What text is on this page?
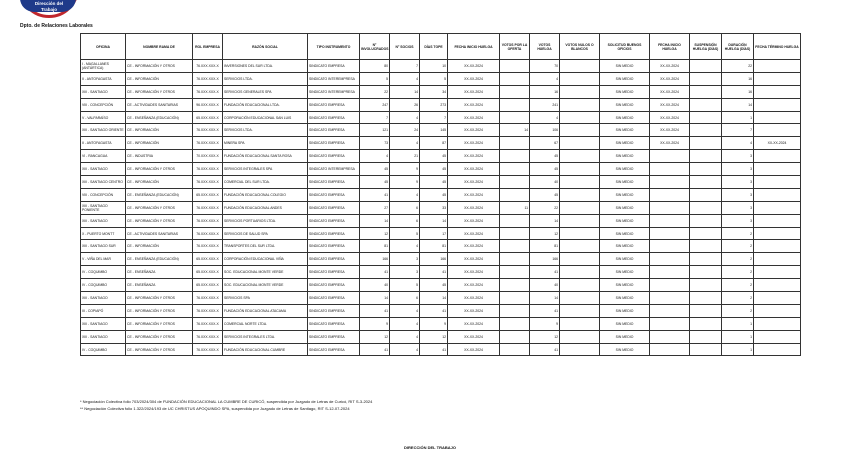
Dirección del
Trabajo
Dpto. de Relaciones Laborales
OFICINA	NOMBRE RAMA DE	ROL EMPRESA	RAZÓN SOCIAL	TIPO INSTRUMENTO	N° INVOLUCRADOS	N° SOCIOS	DÍAS TOPE	FECHA INICIO HUELGA	VOTOS POR LA OFERTA	VOTOS HUELGA	VOTOS NULOS O BLANCOS	SOLICITUD BUENOS OFICIOS	FECHA INICIO HUELGA	SUSPENSIÓN HUELGA (DÍAS)	DURACIÓN HUELGA (DÍAS)	FECHA TÉRMINO HUELGA
I - MAGALLANES (ANTÁRTICA)	CE - INFORMACIÓN Y OTROS	76.XXX.XXX-X	INVERSIONES DEL SUR LTDA.	SINDICATO EMPRESA	80	7	10	XX-XX-2024		70		SIN MEDIO	XX-XX-2024		22	
II - ANTOFAGASTA	CE - INFORMACIÓN	76.XXX.XXX-X	SERVICIOS LTDA.	SINDICATO INTEREMPRESA	5	4	5	XX-XX-2024		4		SIN MEDIO	XX-XX-2024		16	
XIII - SANTIAGO	CE - INFORMACIÓN Y OTROS	76.XXX.XXX-X	SERVICIOS GENERALES SPA	SINDICATO INTEREMPRESA	22	14	34	XX-XX-2024		16		SIN MEDIO	XX-XX-2024		16	
VIII - CONCEPCIÓN	CE - ACTIVIDADES SANITARIAS	96.XXX.XXX-X	FUNDACIÓN EDUCACIONAL LTDA.	SINDICATO EMPRESA	247	26	273	XX-XX-2024		241		SIN MEDIO	XX-XX-2024		14	
V - VALPARAÍSO	CE - ENSEÑANZA (EDUCACIÓN)	65.XXX.XXX-X	CORPORACIÓN EDUCACIONAL SAN LUIS	SINDICATO EMPRESA	7	4	7	XX-XX-2024		4		SIN MEDIO	XX-XX-2024		1	
XIII - SANTIAGO ORIENTE	CE - INFORMACIÓN	76.XXX.XXX-X	SERVICIOS LTDA.	SINDICATO EMPRESA	121	24	145	XX-XX-2024	14	106		SIN MEDIO	XX-XX-2024		7	
II - ANTOFAGASTA	CE - INFORMACIÓN	76.XXX.XXX-X	MINERA SPA	SINDICATO EMPRESA	73	4	87	XX-XX-2024		67		SIN MEDIO	XX-XX-2024		4	XX-XX-2024
VI - RANCAGUA	CE - INDUSTRIA	70.XXX.XXX-X	FUNDACIÓN EDUCACIONAL SANTA ROSA	SINDICATO EMPRESA	4	21	45	XX-XX-2024		45		SIN MEDIO			3	
XIII - SANTIAGO	CE - INFORMACIÓN Y OTROS	76.XXX.XXX-X	SERVICIOS INTEGRALES SPA	SINDICATO INTEREMPRESA	45	9	45	XX-XX-2024		45		SIN MEDIO			3	
XIII - SANTIAGO CENTRO	CE - INFORMACIÓN	76.XXX.XXX-X	COMERCIAL DEL SUR LTDA.	SINDICATO EMPRESA	45	9	45	XX-XX-2024		40		SIN MEDIO			3	
VIII - CONCEPCIÓN	CE - ENSEÑANZA (EDUCACIÓN)	65.XXX.XXX-X	FUNDACIÓN EDUCACIONAL COLEGIO	SINDICATO EMPRESA	41	4	45	XX-XX-2024		45		SIN MEDIO			3	
XIII - SANTIAGO PONIENTE	CE - INFORMACIÓN Y OTROS	76.XXX.XXX-X	FUNDACIÓN EDUCACIONAL ANDES	SINDICATO EMPRESA	27	6	33	XX-XX-2024	11	22		SIN MEDIO			3	
XIII - SANTIAGO	CE - INFORMACIÓN Y OTROS	76.XXX.XXX-X	SERVICIOS PORTUARIOS LTDA.	SINDICATO EMPRESA	14	6	14	XX-XX-2024		14		SIN MEDIO			3	
X - PUERTO MONTT	CE - ACTIVIDADES SANITARIAS	76.XXX.XXX-X	SERVICIOS DE SALUD SPA	SINDICATO EMPRESA	12	5	17	XX-XX-2024		12		SIN MEDIO			2	
XIII - SANTIAGO SUR	CE - INFORMACIÓN	76.XXX.XXX-X	TRANSPORTES DEL SUR LTDA.	SINDICATO EMPRESA	81	4	81	XX-XX-2024		81		SIN MEDIO			2	
V - VIÑA DEL MAR	CE - ENSEÑANZA (EDUCACIÓN)	65.XXX.XXX-X	CORPORACIÓN EDUCACIONAL VIÑA	SINDICATO EMPRESA	166	3	166	XX-XX-2024		166		SIN MEDIO			2	
IV - COQUIMBO	CE - ENSEÑANZA	65.XXX.XXX-X	SOC. EDUCACIONAL MONTE VERDE	SINDICATO EMPRESA	41	3	41	XX-XX-2024		41		SIN MEDIO			2	
IV - COQUIMBO	CE - ENSEÑANZA	65.XXX.XXX-X	SOC. EDUCACIONAL MONTE VERDE	SINDICATO EMPRESA	40	5	45	XX-XX-2024		40		SIN MEDIO			2	
XIII - SANTIAGO	CE - INFORMACIÓN Y OTROS	76.XXX.XXX-X	SERVICIOS SPA	SINDICATO EMPRESA	14	6	14	XX-XX-2024		14		SIN MEDIO			2	
III - COPIAPÓ	CE - INFORMACIÓN Y OTROS	76.XXX.XXX-X	FUNDACIÓN EDUCACIONAL ATACAMA	SINDICATO EMPRESA	41	4	41	XX-XX-2024		41		SIN MEDIO			2	
XIII - SANTIAGO	CE - INFORMACIÓN Y OTROS	76.XXX.XXX-X	COMERCIAL NORTE LTDA.	SINDICATO EMPRESA	9	4	9	XX-XX-2024		9		SIN MEDIO			1	
XIII - SANTIAGO	CE - INFORMACIÓN Y OTROS	76.XXX.XXX-X	SERVICIOS INTEGRALES LTDA.	SINDICATO EMPRESA	12	4	12	XX-XX-2024		12		SIN MEDIO			1	
IV - COQUIMBO	CE - INFORMACIÓN Y OTROS	76.XXX.XXX-X	FUNDACIÓN EDUCACIONAL CUMBRE	SINDICATO EMPRESA	41	4	41	XX-XX-2024		41		SIN MEDIO			1	
* Negociación Colectiva folio 703/2024/304 de FUNDACIÓN EDUCACIONAL LA CUMBRE DE CURICÓ, suspendida por Juzgado de Letras de Curicó, RIT S-3-2024
** Negociación Colectiva folio 1.322/2024/193 de UC CHRISTUS APOQUINDO SPA, suspendida por Juzgado de Letras de Santiago, RIT S-12-07-2024
DIRECCIÓN DEL TRABAJO
